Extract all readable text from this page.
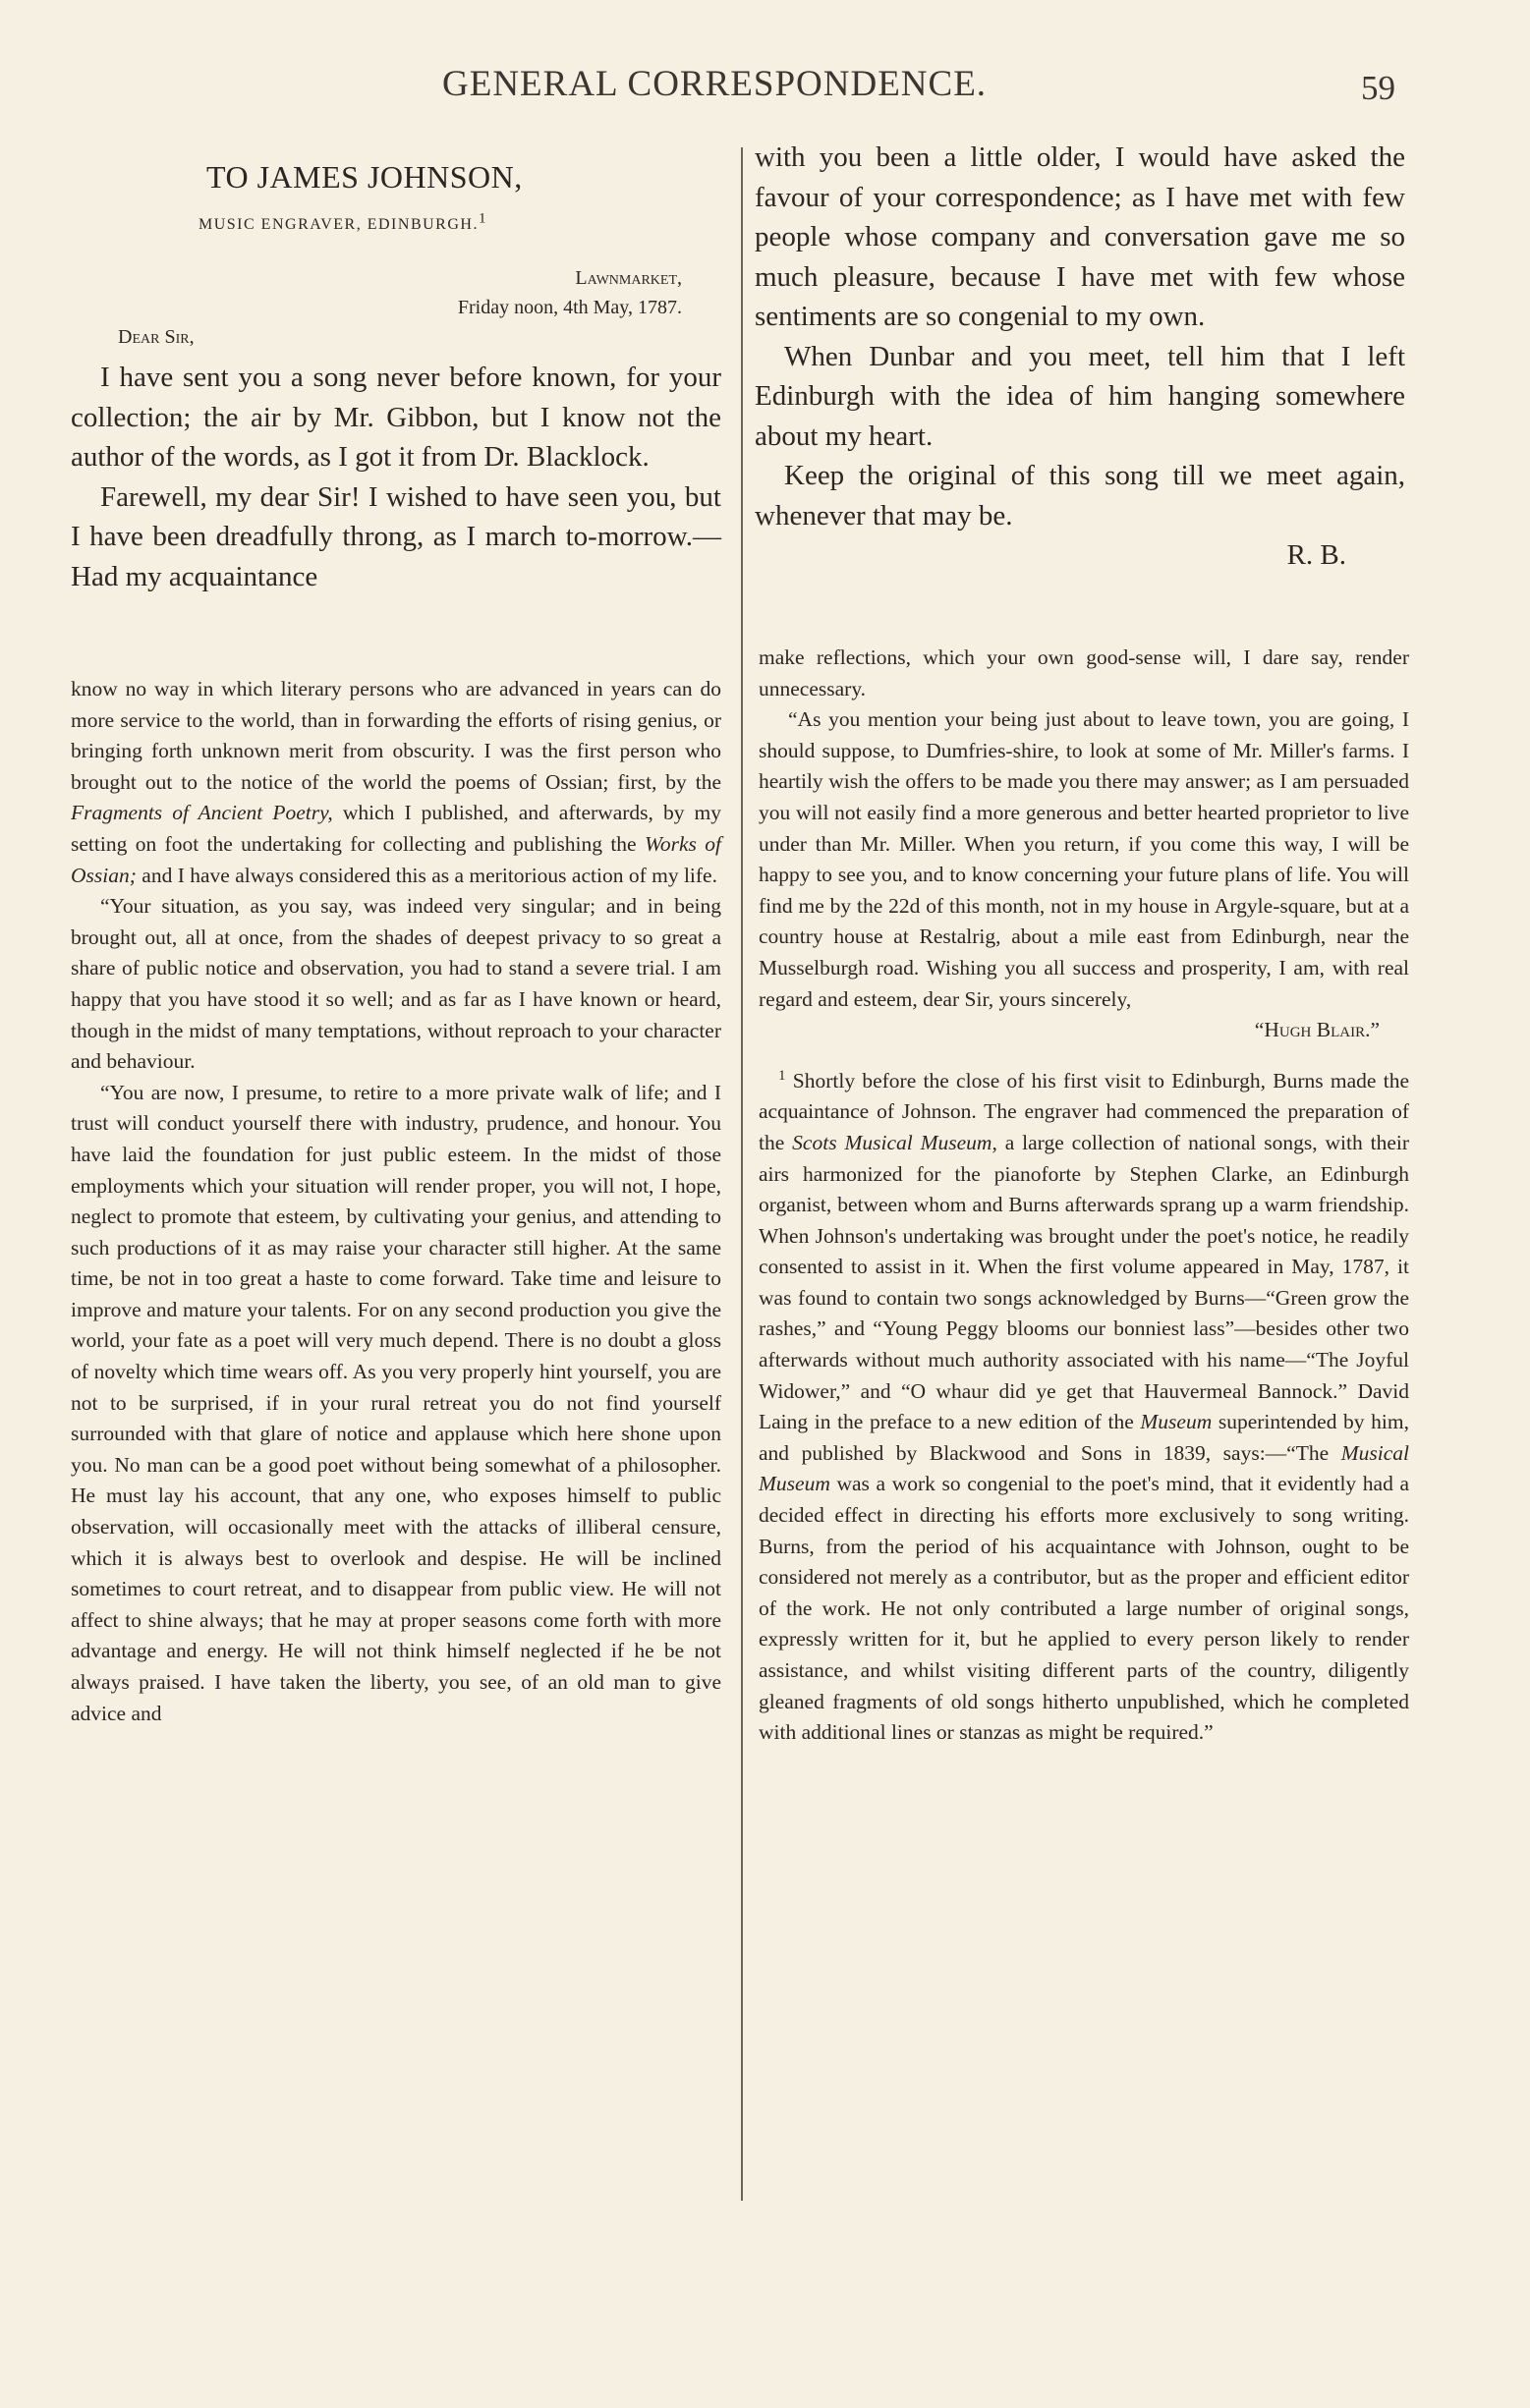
GENERAL CORRESPONDENCE.	59

TO JAMES JOHNSON,

MUSIC ENGRAVER, EDINBURGH.1

Lawnmarket,

Friday noon, 4th May, 1787.

Dear Sir,

I have sent you a song never before known, for your collection; the air by Mr. Gibbon, but I know not the author of the words, as I got it from Dr. Blacklock.

Farewell, my dear Sir! I wished to have seen you, but I have been dreadfully throng, as I march to-morrow.—Had my acquaintance

with you been a little older, I would have asked the favour of your correspondence; as I have met with few people whose company and conversation gave me so much pleasure, because I have met with few whose sentiments are so congenial to my own.

When Dunbar and you meet, tell him that I left Edinburgh with the idea of him hanging somewhere about my heart.

Keep the original of this song till we meet again, whenever that may be.

R. B.

know no way in which literary persons who are advanced in years can do more service to the world, than in forwarding the efforts of rising genius, or bringing forth unknown merit from obscurity. I was the first person who brought out to the notice of the world the poems of Ossian; first, by the Fragments of Ancient Poetry, which I published, and afterwards, by my setting on foot the undertaking for collecting and publishing the Works of Ossian; and I have always considered this as a meritorious action of my life.

“Your situation, as you say, was indeed very singular; and in being brought out, all at once, from the shades of deepest privacy to so great a share of public notice and observation, you had to stand a severe trial. I am happy that you have stood it so well; and as far as I have known or heard, though in the midst of many temptations, without reproach to your character and behaviour.

“You are now, I presume, to retire to a more private walk of life; and I trust will conduct yourself there with industry, prudence, and honour. You have laid the foundation for just public esteem. In the midst of those employments which your situation will render proper, you will not, I hope, neglect to promote that esteem, by cultivating your genius, and attending to such productions of it as may raise your character still higher. At the same time, be not in too great a haste to come forward. Take time and leisure to improve and mature your talents. For on any second production you give the world, your fate as a poet will very much depend. There is no doubt a gloss of novelty which time wears off. As you very properly hint yourself, you are not to be surprised, if in your rural retreat you do not find yourself surrounded with that glare of notice and applause which here shone upon you. No man can be a good poet without being somewhat of a philosopher. He must lay his account, that any one, who exposes himself to public observation, will occasionally meet with the attacks of illiberal censure, which it is always best to overlook and despise. He will be inclined sometimes to court retreat, and to disappear from public view. He will not affect to shine always; that he may at proper seasons come forth with more advantage and energy. He will not think himself neglected if he be not always praised. I have taken the liberty, you see, of an old man to give advice and

make reflections, which your own good-sense will, I dare say, render unnecessary.

“As you mention your being just about to leave town, you are going, I should suppose, to Dumfries-shire, to look at some of Mr. Miller's farms. I heartily wish the offers to be made you there may answer; as I am persuaded you will not easily find a more generous and better hearted proprietor to live under than Mr. Miller. When you return, if you come this way, I will be happy to see you, and to know concerning your future plans of life. You will find me by the 22d of this month, not in my house in Argyle-square, but at a country house at Restalrig, about a mile east from Edinburgh, near the Musselburgh road. Wishing you all success and prosperity, I am, with real regard and esteem, dear Sir, yours sincerely,

“Hugh Blair.”

$^1$ Shortly before the close of his first visit to Edinburgh, Burns made the acquaintance of Johnson. The engraver had commenced the preparation of the Scots Musical Museum, a large collection of national songs, with their airs harmonized for the pianoforte by Stephen Clarke, an Edinburgh organist, between whom and Burns afterwards sprang up a warm friendship. When Johnson's undertaking was brought under the poet's notice, he readily consented to assist in it. When the first volume appeared in May, 1787, it was found to contain two songs acknowledged by Burns—“Green grow the rashes,” and “Young Peggy blooms our bonniest lass”—besides other two afterwards without much authority associated with his name—“The Joyful Widower,” and “O whaur did ye get that Hauvermeal Bannock.” David Laing in the preface to a new edition of the Museum superintended by him, and published by Blackwood and Sons in 1839, says:—“The Musical Museum was a work so congenial to the poet's mind, that it evidently had a decided effect in directing his efforts more exclusively to song writing. Burns, from the period of his acquaintance with Johnson, ought to be considered not merely as a contributor, but as the proper and efficient editor of the work. He not only contributed a large number of original songs, expressly written for it, but he applied to every person likely to render assistance, and whilst visiting different parts of the country, diligently gleaned fragments of old songs hitherto unpublished, which he completed with additional lines or stanzas as might be required.”
